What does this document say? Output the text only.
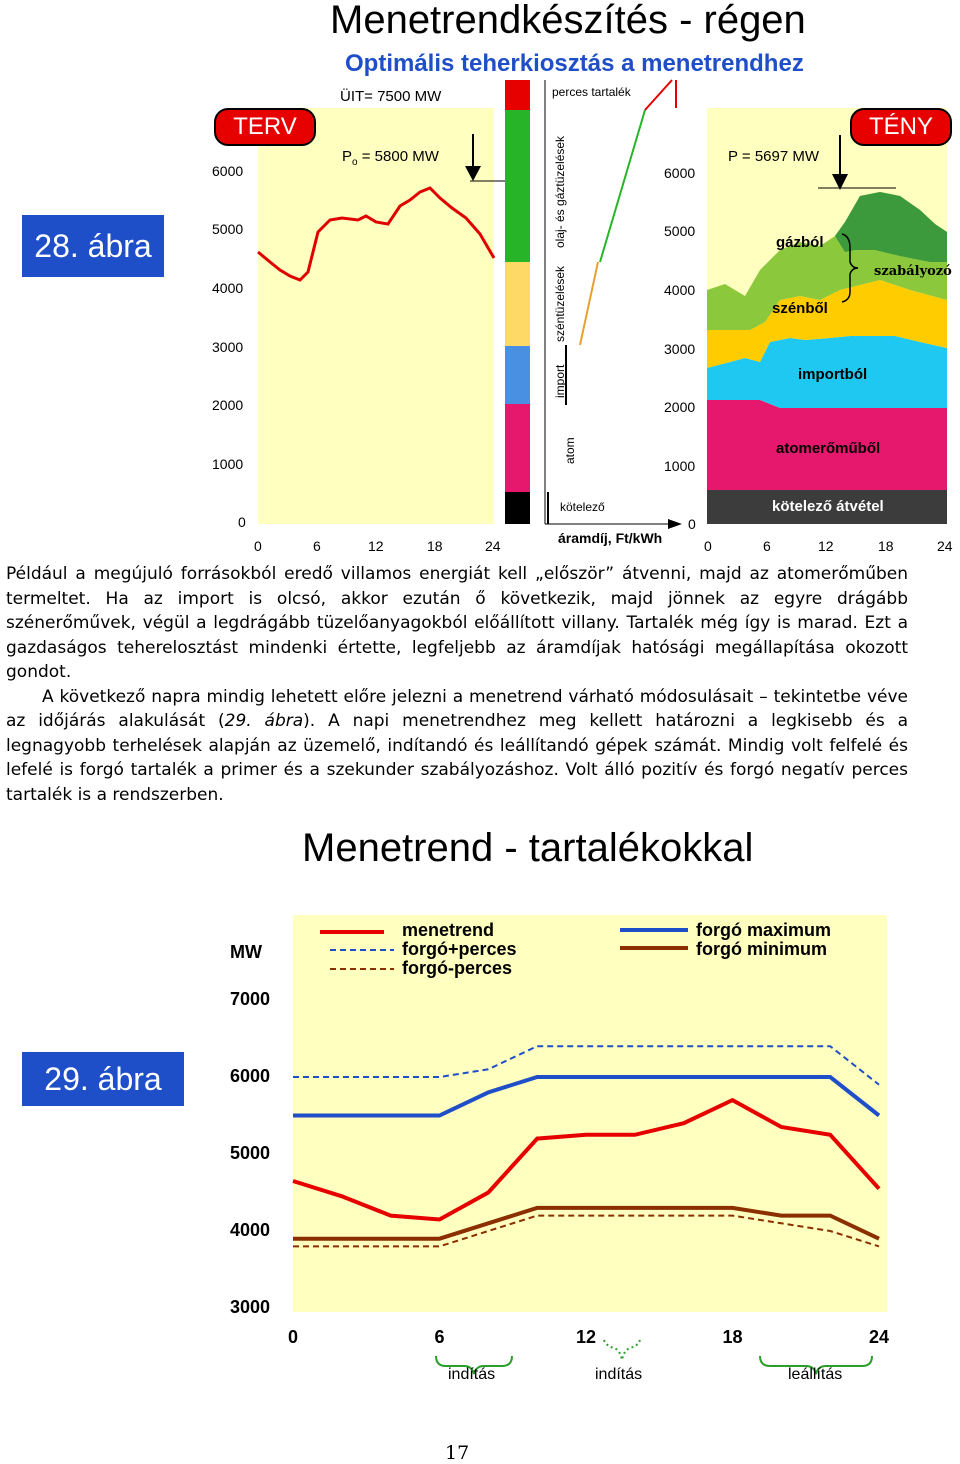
Menetrendkészítés - régen
Optimális teherkiosztás a menetrendhez
28. ábra
TERV	TÉNY
ÜIT= 7500 MW
$P_o = 5800$ MW	P = 5697 MW
perces tartalék
olaj- és gáztüzelések
széntüzelések
import
atom
kötelező
áramdíj, Ft/kWh
gázból
szénből
szabályozó
importból
atomerőműből
kötelező átvétel
6000
5000
4000
3000
2000
1000
0
6000
5000
4000
3000
2000
1000
0
0	6	12	18	24	0	6	12	18	24

Például a megújuló forrásokból eredő villamos energiát kell „először” átvenni, majd az atomerőműben termeltet. Ha az import is olcsó, akkor ezután ő következik, majd jönnek az egyre drágább szénerőművek, végül a legdrágább tüzelőanyagokból előállított villany. Tartalék még így is marad. Ezt a gazdaságos teherelosztást mindenki értette, legfeljebb az áramdíjak hatósági megállapítása okozott gondot.

A következő napra mindig lehetett előre jelezni a menetrend várható módosulásait – tekintetbe véve az időjárás alakulását (29. ábra). A napi menetrendhez meg kellett határozni a legkisebb és a legnagyobb terhelések alapján az üzemelő, indítandó és leállítandó gépek számát. Mindig volt felfelé és lefelé is forgó tartalék a primer és a szekunder szabályozáshoz. Volt álló pozitív és forgó negatív perces tartalék is a rendszerben.

Menetrend - tartalékokkal
29. ábra
menetrend
forgó+perces
forgó-perces
forgó maximum
forgó minimum
MW
3000
4000
5000
6000
7000
0	6	12	18	24
indítás	indítás	leállítás
17
